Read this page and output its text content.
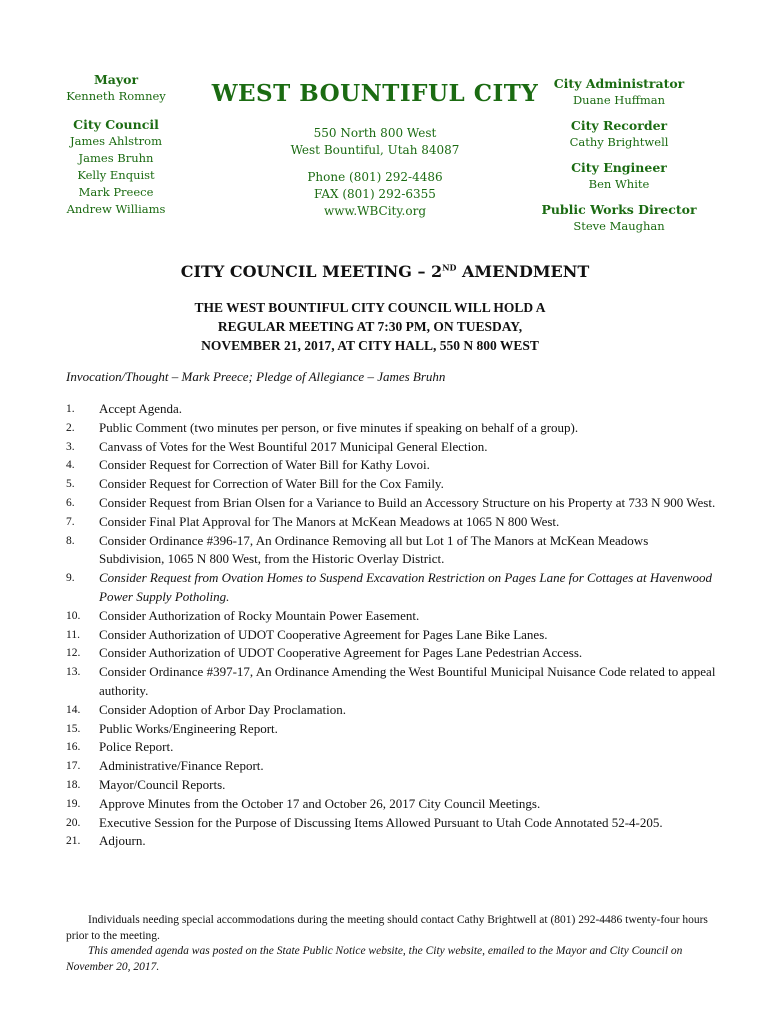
Mayor
Kenneth Romney
City Council
James Ahlstrom
James Bruhn
Kelly Enquist
Mark Preece
Andrew Williams
WEST BOUNTIFUL CITY
550 North 800 West
West Bountiful, Utah 84087
Phone (801) 292-4486
FAX (801) 292-6355
www.WBCity.org
City Administrator
Duane Huffman
City Recorder
Cathy Brightwell
City Engineer
Ben White
Public Works Director
Steve Maughan
CITY COUNCIL MEETING – 2ND AMENDMENT
THE WEST BOUNTIFUL CITY COUNCIL WILL HOLD A
REGULAR MEETING AT 7:30 PM, ON TUESDAY,
NOVEMBER 21, 2017, AT CITY HALL, 550 N 800 WEST
Invocation/Thought – Mark Preece; Pledge of Allegiance – James Bruhn
1.	Accept Agenda.
2.	Public Comment (two minutes per person, or five minutes if speaking on behalf of a group).
3.	Canvass of Votes for the West Bountiful 2017 Municipal General Election.
4.	Consider Request for Correction of Water Bill for Kathy Lovoi.
5.	Consider Request for Correction of Water Bill for the Cox Family.
6.	Consider Request from Brian Olsen for a Variance to Build an Accessory Structure on his Property at 733 N 900 West.
7.	Consider Final Plat Approval for The Manors at McKean Meadows at 1065 N 800 West.
8.	Consider Ordinance #396-17, An Ordinance Removing all but Lot 1 of The Manors at McKean Meadows Subdivision, 1065 N 800 West, from the Historic Overlay District.
9.	Consider Request from Ovation Homes to Suspend Excavation Restriction on Pages Lane for Cottages at Havenwood Power Supply Potholing.
10.	Consider Authorization of Rocky Mountain Power Easement.
11.	Consider Authorization of UDOT Cooperative Agreement for Pages Lane Bike Lanes.
12.	Consider Authorization of UDOT Cooperative Agreement for Pages Lane Pedestrian Access.
13.	Consider Ordinance #397-17, An Ordinance Amending the West Bountiful Municipal Nuisance Code related to appeal authority.
14.	Consider Adoption of Arbor Day Proclamation.
15.	Public Works/Engineering Report.
16.	Police Report.
17.	Administrative/Finance Report.
18.	Mayor/Council Reports.
19.	Approve Minutes from the October 17 and October 26, 2017 City Council Meetings.
20.	Executive Session for the Purpose of Discussing Items Allowed Pursuant to Utah Code Annotated 52-4-205.
21.	Adjourn.
Individuals needing special accommodations during the meeting should contact Cathy Brightwell at (801) 292-4486 twenty-four hours prior to the meeting.
This amended agenda was posted on the State Public Notice website, the City website, emailed to the Mayor and City Council on November 20, 2017.
